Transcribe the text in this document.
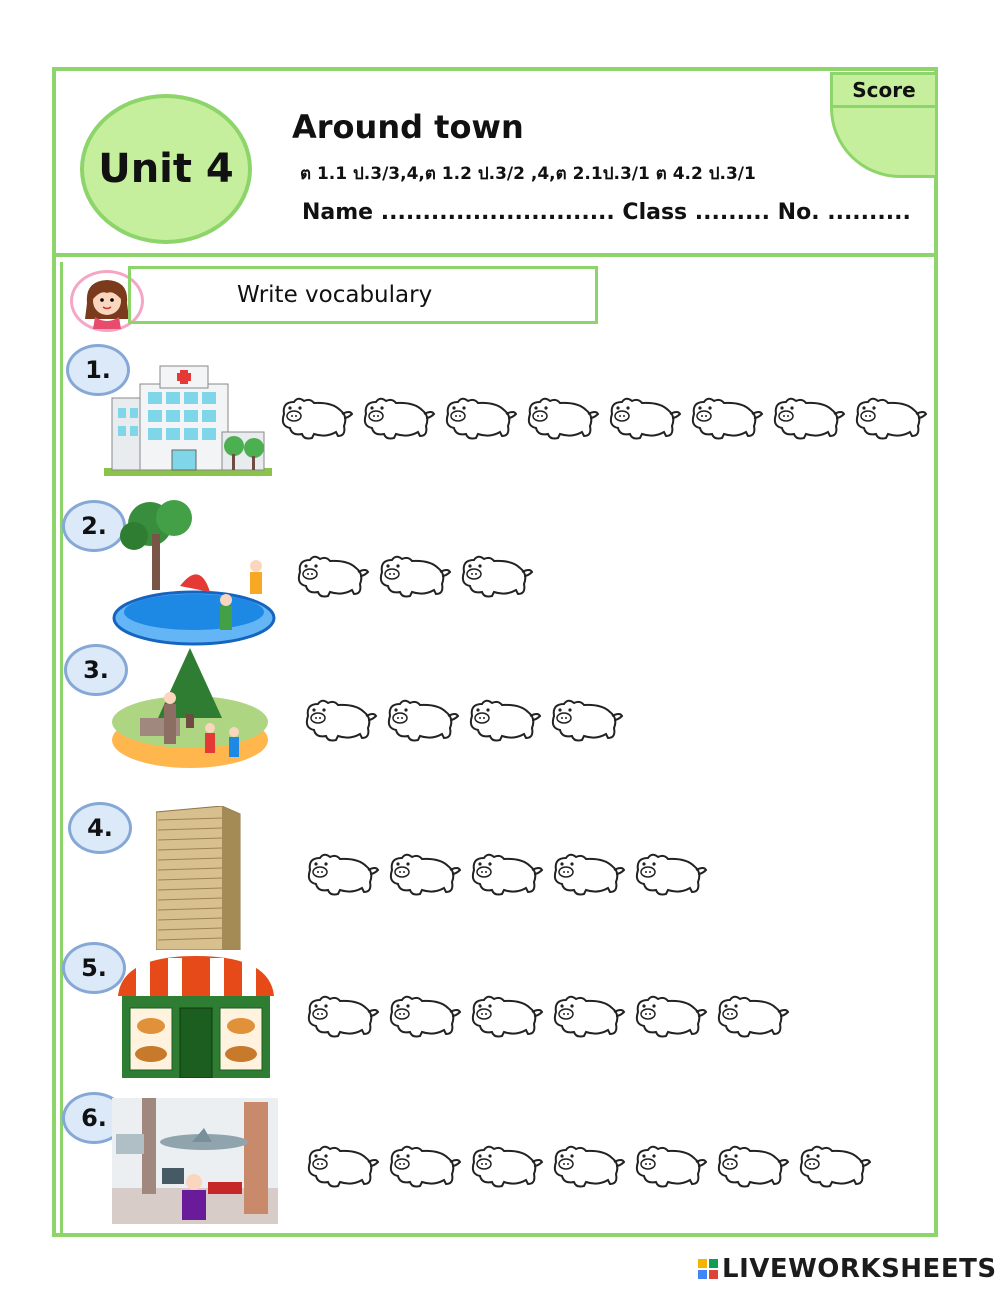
Unit 4
Around town
ต 1.1 ป.3/3,4,ต 1.2 ป.3/2 ,4,ต 2.1ป.3/1 ต 4.2 ป.3/1
Name ............................ Class ......... No. ..........
Score
Write vocabulary
1.
2.
3.
4.
5.
6.
LIVEWORKSHEETS
